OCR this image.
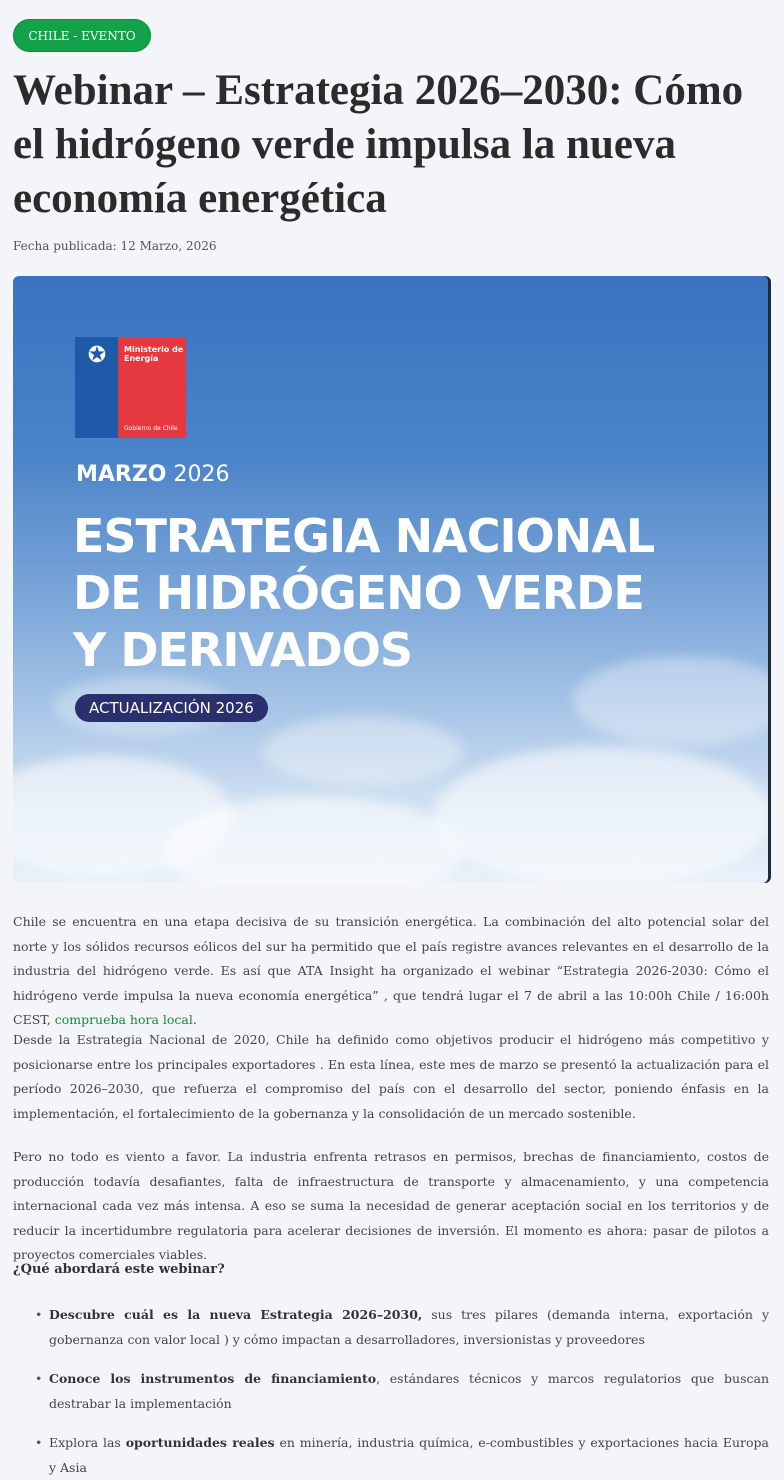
CHILE - EVENTO
Webinar – Estrategia 2026–2030: Cómo el hidrógeno verde impulsa la nueva economía energética
Fecha publicada: 12 Marzo, 2026
✪	Ministerio de Energía
Gobierno de Chile
MARZO 2026
ESTRATEGIA NACIONAL
DE HIDRÓGENO VERDE
Y DERIVADOS
ACTUALIZACIÓN 2026

Chile se encuentra en una etapa decisiva de su transición energética. La combinación del alto potencial solar del norte y los sólidos recursos eólicos del sur ha permitido que el país registre avances relevantes en el desarrollo de la industria del hidrógeno verde. Es así que ATA Insight ha organizado el webinar “Estrategia 2026-2030: Cómo el hidrógeno verde impulsa la nueva economía energética” , que tendrá lugar el 7 de abril a las 10:00h Chile / 16:00h CEST, comprueba hora local.

Desde la Estrategia Nacional de 2020, Chile ha definido como objetivos producir el hidrógeno más competitivo y posicionarse entre los principales exportadores . En esta línea, este mes de marzo se presentó la actualización para el período 2026–2030, que refuerza el compromiso del país con el desarrollo del sector, poniendo énfasis en la implementación, el fortalecimiento de la gobernanza y la consolidación de un mercado sostenible.

Pero no todo es viento a favor. La industria enfrenta retrasos en permisos, brechas de financiamiento, costos de producción todavía desafiantes, falta de infraestructura de transporte y almacenamiento, y una competencia internacional cada vez más intensa. A eso se suma la necesidad de generar aceptación social en los territorios y de reducir la incertidumbre regulatoria para acelerar decisiones de inversión. El momento es ahora: pasar de pilotos a proyectos comerciales viables.

¿Qué abordará este webinar?
• Descubre cuál es la nueva Estrategia 2026–2030, sus tres pilares (demanda interna, exportación y gobernanza con valor local ) y cómo impactan a desarrolladores, inversionistas y proveedores
• Conoce los instrumentos de financiamiento, estándares técnicos y marcos regulatorios que buscan destrabar la implementación
• Explora las oportunidades reales en minería, industria química, e-combustibles y exportaciones hacia Europa y Asia
